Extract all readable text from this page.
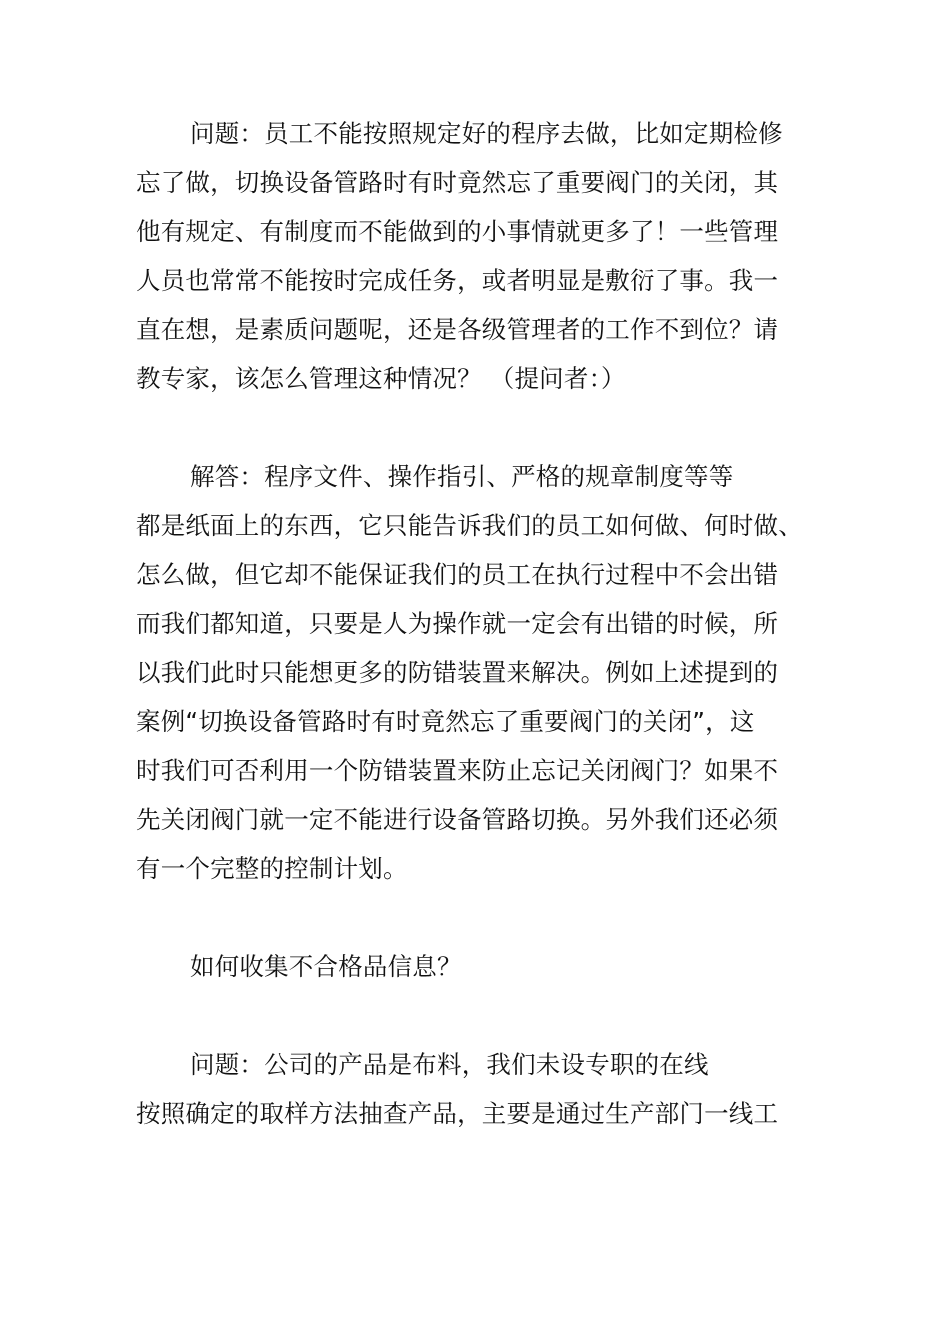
问题：员工不能按照规定好的程序去做，比如定期检修
忘了做，切换设备管路时有时竟然忘了重要阀门的关闭，其
他有规定、有制度而不能做到的小事情就更多了！一些管理
人员也常常不能按时完成任务，或者明显是敷衍了事。我一
直在想，是素质问题呢，还是各级管理者的工作不到位？请
教专家，该怎么管理这种情况？ （提问者：）
解答：程序文件、操作指引、严格的规章制度等等
都是纸面上的东西，它只能告诉我们的员工如何做、何时做、
怎么做，但它却不能保证我们的员工在执行过程中不会出错
而我们都知道，只要是人为操作就一定会有出错的时候，所
以我们此时只能想更多的防错装置来解决。例如上述提到的
案例“切换设备管路时有时竟然忘了重要阀门的关闭”，这
时我们可否利用一个防错装置来防止忘记关闭阀门？如果不
先关闭阀门就一定不能进行设备管路切换。另外我们还必须
有一个完整的控制计划。
如何收集不合格品信息？
问题：公司的产品是布料，我们未设专职的在线
按照确定的取样方法抽查产品，主要是通过生产部门一线工
